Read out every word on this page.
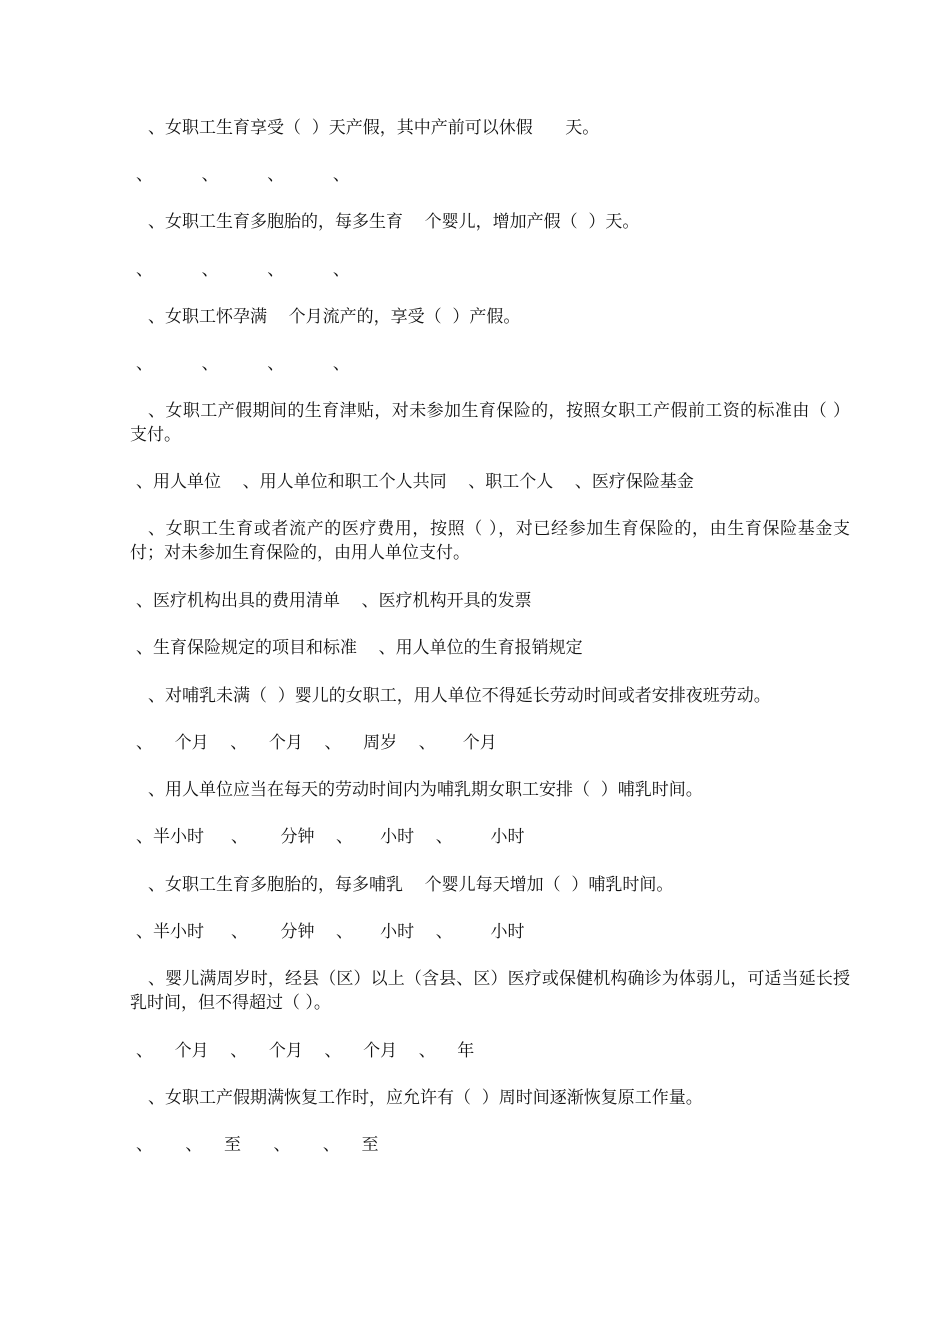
、女职工生育享受（  ）天产假，其中产前可以休假      天。
、         、         、         、
、女职工生育多胞胎的，每多生育    个婴儿，增加产假（  ）天。
、         、         、         、
、女职工怀孕满    个月流产的，享受（  ）产假。
、         、         、         、
、女职工产假期间的生育津贴，对未参加生育保险的，按照女职工产假前工资的标准由（ ）支付。
、用人单位    、用人单位和职工个人共同    、职工个人    、医疗保险基金
、女职工生育或者流产的医疗费用，按照（ ），对已经参加生育保险的，由生育保险基金支付；对未参加生育保险的，由用人单位支付。
、医疗机构出具的费用清单    、医疗机构开具的发票
、生育保险规定的项目和标准    、用人单位的生育报销规定
、对哺乳未满（  ）婴儿的女职工，用人单位不得延长劳动时间或者安排夜班劳动。
、    个月    、    个月    、    周岁    、     个月
、用人单位应当在每天的劳动时间内为哺乳期女职工安排（  ）哺乳时间。
、半小时     、      分钟    、     小时    、       小时
、女职工生育多胞胎的，每多哺乳    个婴儿每天增加（  ）哺乳时间。
、半小时     、      分钟    、     小时    、       小时
、婴儿满周岁时，经县（区）以上（含县、区）医疗或保健机构确诊为体弱儿，可适当延长授乳时间，但不得超过（ ）。
、    个月    、    个月    、    个月    、    年
、女职工产假期满恢复工作时，应允许有（  ）周时间逐渐恢复原工作量。
、      、    至      、      、    至
